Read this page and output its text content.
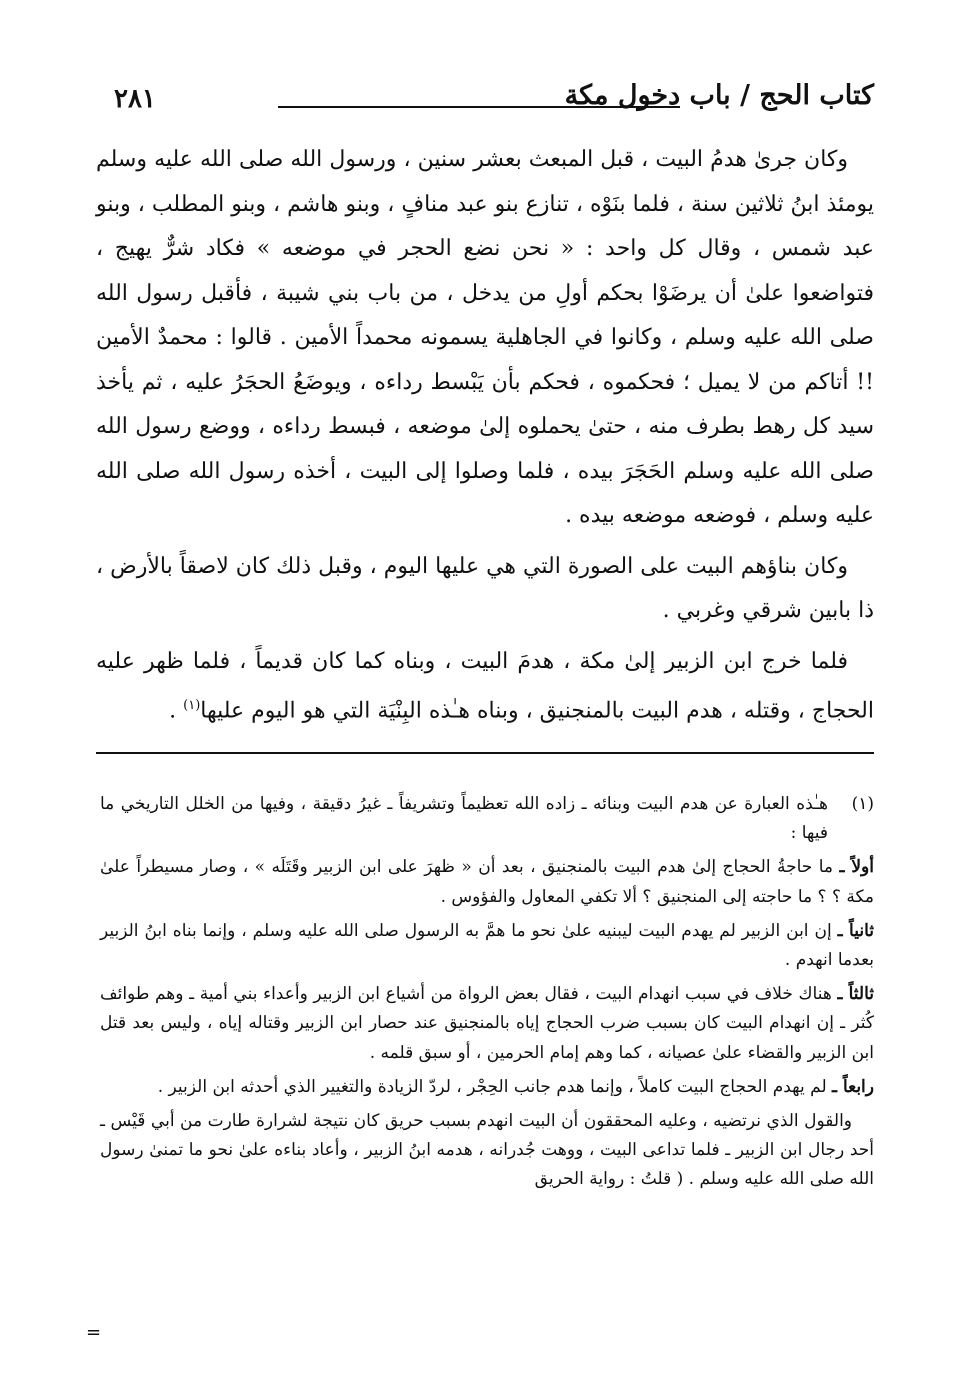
٢٨١	كتاب الحج / باب دخول مكة

وكان جرىٰ هدمُ البيت ، قبل المبعث بعشر سنين ، ورسول الله صلى الله عليه وسلم يومئذ ابنُ ثلاثين سنة ، فلما بنَوْه ، تنازع بنو عبد منافٍ ، وبنو هاشم ، وبنو المطلب ، وبنو عبد شمس ، وقال كل واحد : « نحن نضع الحجر في موضعه » فكاد شرٌّ يهيج ، فتواضعوا علىٰ أن يرضَوْا بحكم أولِ من يدخل ، من باب بني شيبة ، فأقبل رسول الله صلى الله عليه وسلم ، وكانوا في الجاهلية يسمونه محمداً الأمين . قالوا : محمدٌ الأمين !! أتاكم من لا يميل ؛ فحكموه ، فحكم بأن يَبْسط رداءه ، ويوضَعُ الحجَرُ عليه ، ثم يأخذ سيد كل رهط بطرف منه ، حتىٰ يحملوه إلىٰ موضعه ، فبسط رداءه ، ووضع رسول الله صلى الله عليه وسلم الحَجَرَ بيده ، فلما وصلوا إلى البيت ، أخذه رسول الله صلى الله عليه وسلم ، فوضعه موضعه بيده .

وكان بناؤهم البيت على الصورة التي هي عليها اليوم ، وقبل ذلك كان لاصقاً بالأرض ، ذا بابين شرقي وغربي .

فلما خرج ابن الزبير إلىٰ مكة ، هدمَ البيت ، وبناه كما كان قديماً ، فلما ظهر عليه الحجاج ، وقتله ، هدم البيت بالمنجنيق ، وبناه هـٰذه البِنْيَة التي هو اليوم عليها$^{(١)}$ .

(١)
هـٰذه العبارة عن هدم البيت وبنائه ـ زاده الله تعظيماً وتشريفاً ـ غيرُ دقيقة ، وفيها من الخلل التاريخي ما فيها :

أولاً ـ ما حاجةُ الحجاج إلىٰ هدم البيت بالمنجنيق ، بعد أن « ظهرَ على ابن الزبير وقَتَلَه » ، وصار مسيطراً علىٰ مكة ؟ ؟ ما حاجته إلى المنجنيق ؟ ألا تكفي المعاول والفؤوس .

ثانياً ـ إن ابن الزبير لم يهدم البيت ليبنيه علىٰ نحو ما همَّ به الرسول صلى الله عليه وسلم ، وإنما بناه ابنُ الزبير بعدما انهدم .

ثالثاً ـ هناك خلاف في سبب انهدام البيت ، فقال بعض الرواة من أشياع ابن الزبير وأعداء بني أمية ـ وهم طوائف كُثر ـ إن انهدام البيت كان بسبب ضرب الحجاج إياه بالمنجنيق عند حصار ابن الزبير وقتاله إياه ، وليس بعد قتل ابن الزبير والقضاء علىٰ عصيانه ، كما وهم إمام الحرمين ، أو سبق قلمه .

رابعاً ـ لم يهدم الحجاج البيت كاملاً ، وإنما هدم جانب الحِجْر ، لردّ الزيادة والتغيير الذي أحدثه ابن الزبير .

والقول الذي نرتضيه ، وعليه المحققون أن البيت انهدم بسبب حريق كان نتيجة لشرارة طارت من أبي قَيْس ـ أحد رجال ابن الزبير ـ فلما تداعى البيت ، ووهت جُدرانه ، هدمه ابنُ الزبير ، وأعاد بناءه علىٰ نحو ما تمنىٰ رسول الله صلى الله عليه وسلم . ( قلتُ : رواية الحريق

=
